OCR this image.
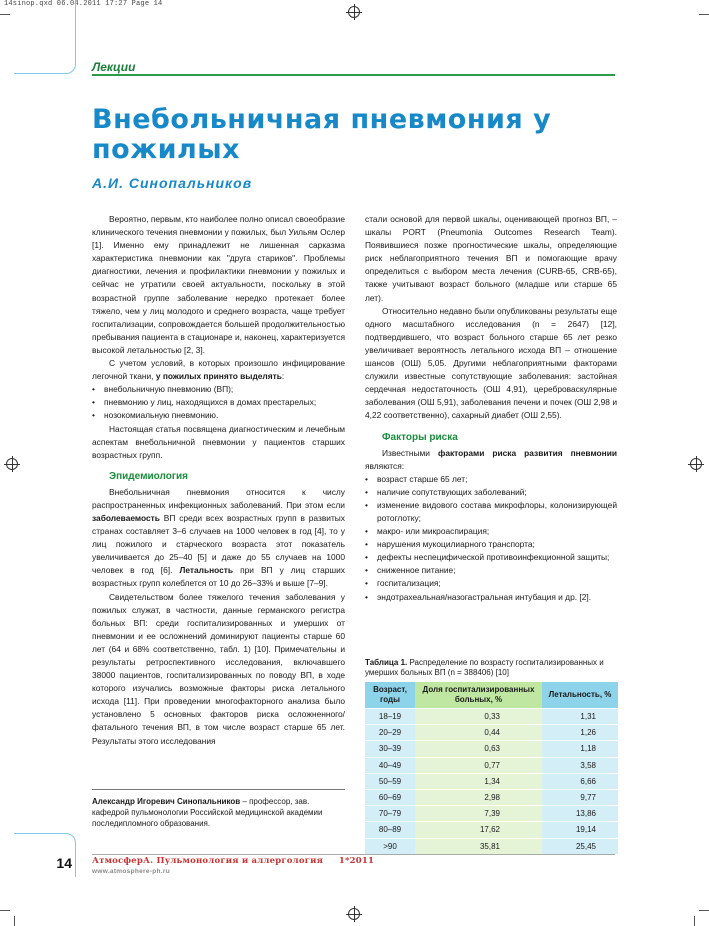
14sinop.qxd 06.04.2011 17:27 Page 14
Лекции
Внебольничная пневмония у пожилых
А.И. Синопальников

Вероятно, первым, кто наиболее полно описал своеобразие клинического течения пневмонии у пожилых, был Уильям Ослер [1]. Именно ему принадлежит не лишенная сарказма характеристика пневмонии как "друга стариков". Проблемы диагностики, лечения и профилактики пневмонии у пожилых и сейчас не утратили своей актуальности, поскольку в этой возрастной группе заболевание нередко протекает более тяжело, чем у лиц молодого и среднего возраста, чаще требует госпитализации, сопровождается большей продолжительностью пребывания пациента в стационаре и, наконец, характеризуется высокой летальностью [2, 3].

С учетом условий, в которых произошло инфицирование легочной ткани, у пожилых принято выделять:

• внебольничную пневмонию (ВП);
• пневмонию у лиц, находящихся в домах престарелых;
• нозокомиальную пневмонию.

Настоящая статья посвящена диагностическим и лечебным аспектам внебольничной пневмонии у пациентов старших возрастных групп.

Эпидемиология

Внебольничная пневмония относится к числу распространенных инфекционных заболеваний. При этом если заболеваемость ВП среди всех возрастных групп в развитых странах составляет 3–6 случаев на 1000 человек в год [4], то у лиц пожилого и старческого возраста этот показатель увеличивается до 25–40 [5] и даже до 55 случаев на 1000 человек в год [6]. Летальность при ВП у лиц старших возрастных групп колеблется от 10 до 26–33% и выше [7–9].

Свидетельством более тяжелого течения заболевания у пожилых служат, в частности, данные германского регистра больных ВП: среди госпитализированных и умерших от пневмонии и ее осложнений доминируют пациенты старше 60 лет (64 и 68% соответственно, табл. 1) [10]. Примечательны и результаты ретроспективного исследования, включавшего 38000 пациентов, госпитализированных по поводу ВП, в ходе которого изучались возможные факторы риска летального исхода [11]. При проведении многофакторного анализа было установлено 5 основных факторов риска осложненного/фатального течения ВП, в том числе возраст старше 65 лет. Результаты этого исследования

Александр Игоревич Синопальников – профессор, зав. кафедрой пульмонологии Российской медицинской академии последипломного образования.

стали основой для первой шкалы, оценивающей прогноз ВП, – шкалы PORT (Pneumonia Outcomes Research Team). Появившиеся позже прогностические шкалы, определяющие риск неблагоприятного течения ВП и помогающие врачу определиться с выбором места лечения (CURB-65, CRB-65), также учитывают возраст больного (младше или старше 65 лет).

Относительно недавно были опубликованы результаты еще одного масштабного исследования (n = 2647) [12], подтвердившего, что возраст больного старше 65 лет резко увеличивает вероятность летального исхода ВП – отношение шансов (ОШ) 5,05. Другими неблагоприятными факторами служили известные сопутствующие заболевания: застойная сердечная недостаточность (ОШ 4,91), цереброваскулярные заболевания (ОШ 5,91), заболевания печени и почек (ОШ 2,98 и 4,22 соответственно), сахарный диабет (ОШ 2,55).

Факторы риска

Известными факторами риска развития пневмонии являются:

• возраст старше 65 лет;
• наличие сопутствующих заболеваний;
• изменение видового состава микрофлоры, колонизирующей ротоглотку;
• макро- или микроаспирация;
• нарушения мукоцилиарного транспорта;
• дефекты неспецифической противоинфекционной защиты;
• сниженное питание;
• госпитализация;
• эндотрахеальная/назогастральная интубация и др. [2].
Таблица 1. Распределение по возрасту госпитализированных и умерших больных ВП (n = 388406) [10]
Возраст, годы	Доля госпитализированных больных, %	Летальность, %
18–19	0,33	1,31
20–29	0,44	1,26
30–39	0,63	1,18
40–49	0,77	3,58
50–59	1,34	6,66
60–69	2,98	9,77
70–79	7,39	13,86
80–89	17,62	19,14
>90	35,81	25,45
14 АтмосферА. Пульмонология и аллергология 1*2011
www.atmosphere-ph.ru
